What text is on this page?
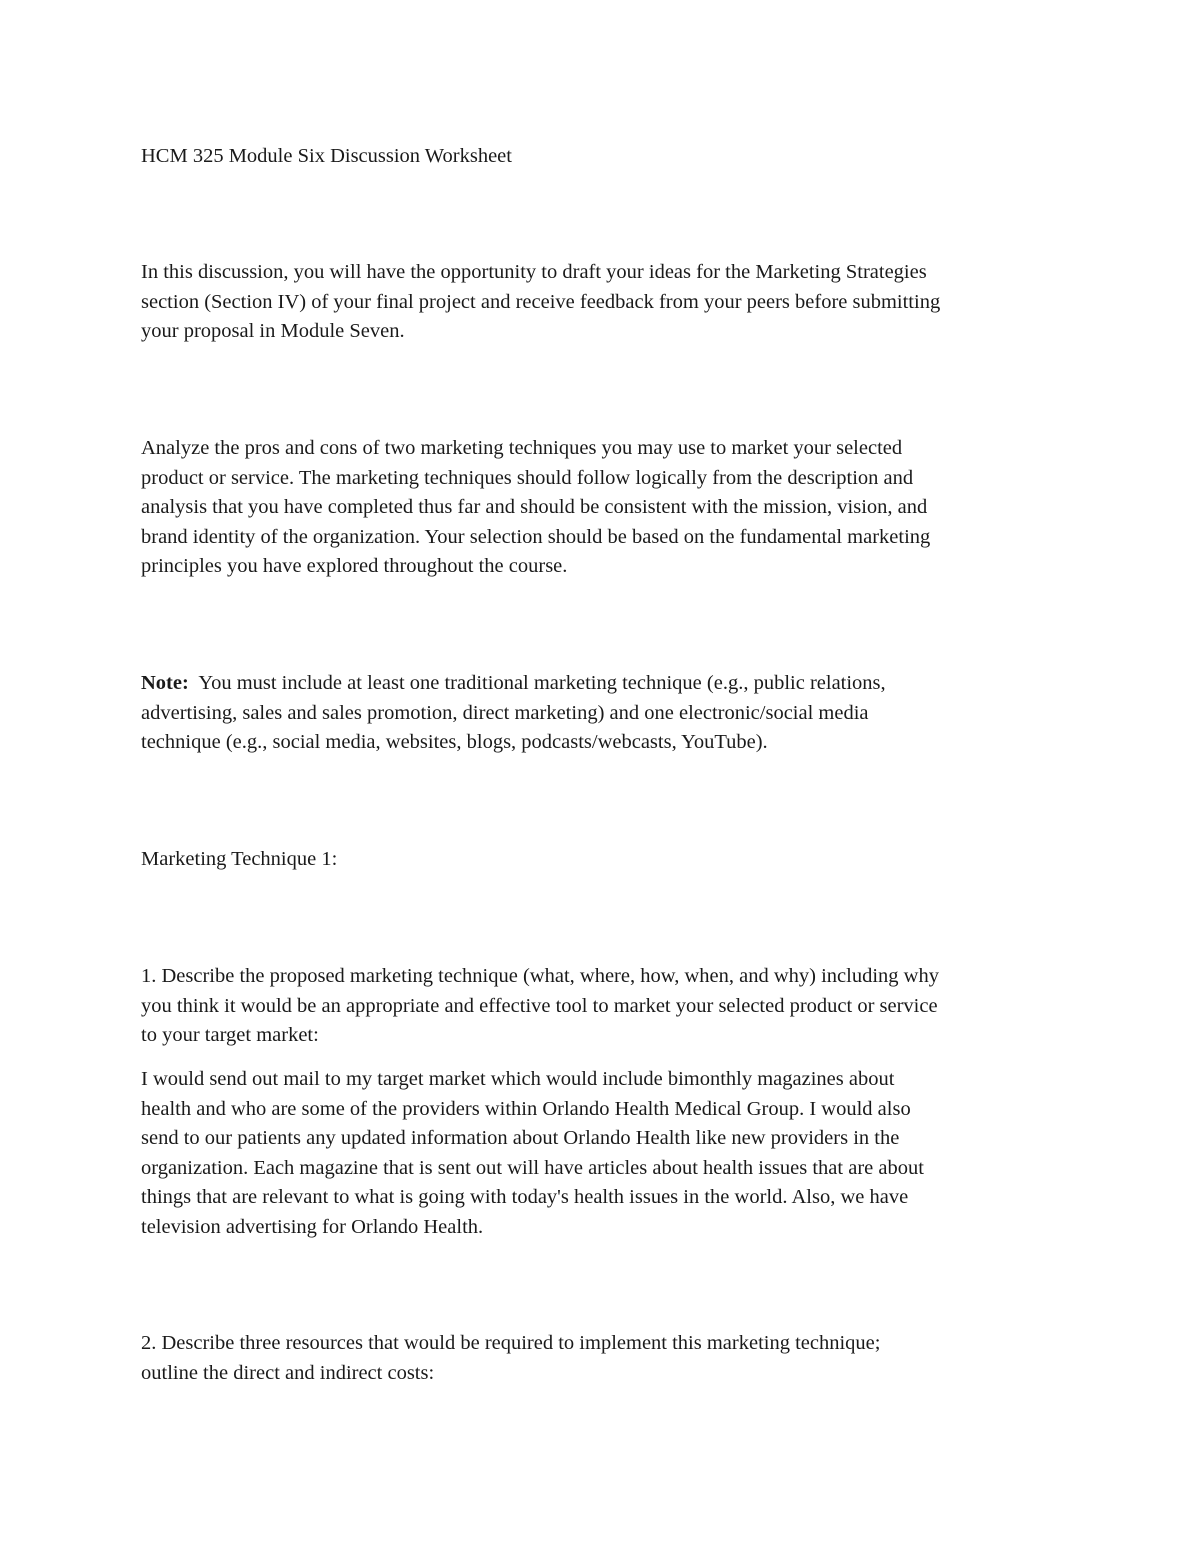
HCM 325 Module Six Discussion Worksheet

In this discussion, you will have the opportunity to draft your ideas for the Marketing Strategies
section (Section IV) of your final project and receive feedback from your peers before submitting
your proposal in Module Seven.

Analyze the pros and cons of two marketing techniques you may use to market your selected
product or service. The marketing techniques should follow logically from the description and
analysis that you have completed thus far and should be consistent with the mission, vision, and
brand identity of the organization. Your selection should be based on the fundamental marketing
principles you have explored throughout the course.

Note: You must include at least one traditional marketing technique (e.g., public relations,
advertising, sales and sales promotion, direct marketing) and one electronic/social media
technique (e.g., social media, websites, blogs, podcasts/webcasts, YouTube).

Marketing Technique 1:

1. Describe the proposed marketing technique (what, where, how, when, and why) including why
you think it would be an appropriate and effective tool to market your selected product or service
to your target market:

I would send out mail to my target market which would include bimonthly magazines about
health and who are some of the providers within Orlando Health Medical Group. I would also
send to our patients any updated information about Orlando Health like new providers in the
organization. Each magazine that is sent out will have articles about health issues that are about
things that are relevant to what is going with today's health issues in the world. Also, we have
television advertising for Orlando Health.

2. Describe three resources that would be required to implement this marketing technique;
outline the direct and indirect costs:
